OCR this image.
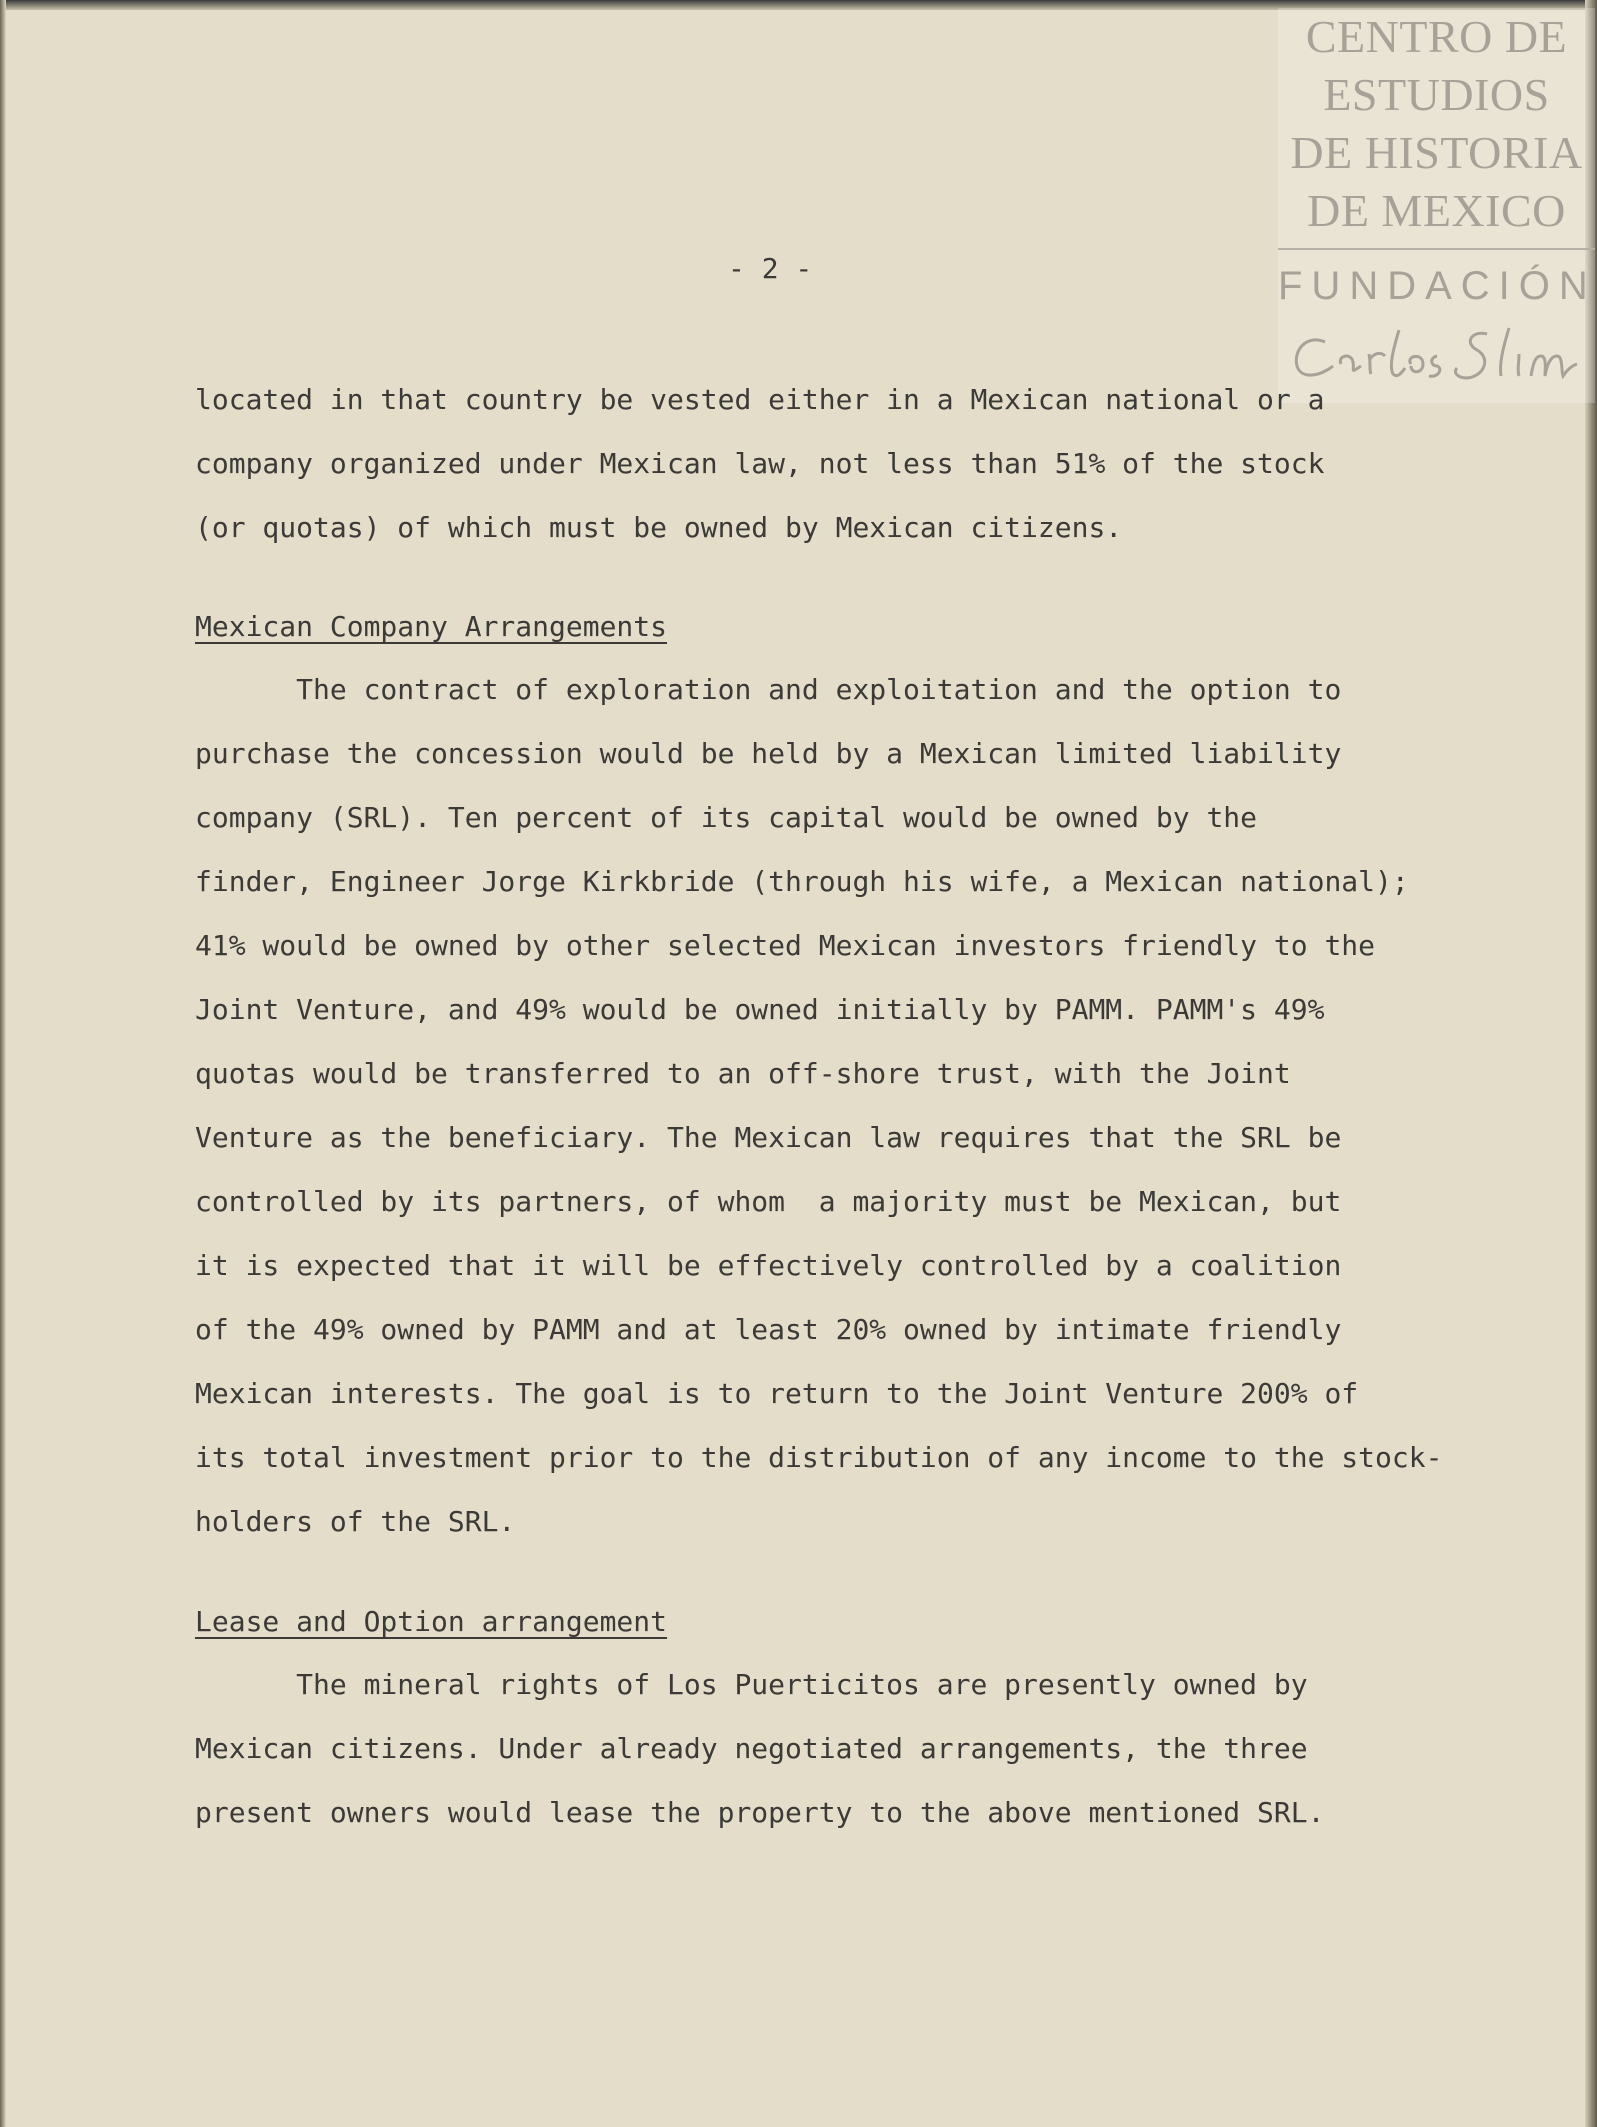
CENTRO DE
ESTUDIOS
DE HISTORIA
DE MEXICO
FUNDACIÓN
- 2 -
located in that country be vested either in a Mexican national or a
company organized under Mexican law, not less than 51% of the stock
(or quotas) of which must be owned by Mexican citizens.
Mexican Company Arrangements
The contract of exploration and exploitation and the option to
purchase the concession would be held by a Mexican limited liability
company (SRL). Ten percent of its capital would be owned by the
finder, Engineer Jorge Kirkbride (through his wife, a Mexican national);
41% would be owned by other selected Mexican investors friendly to the
Joint Venture, and 49% would be owned initially by PAMM. PAMM's 49%
quotas would be transferred to an off-shore trust, with the Joint
Venture as the beneficiary. The Mexican law requires that the SRL be
controlled by its partners, of whom  a majority must be Mexican, but
it is expected that it will be effectively controlled by a coalition
of the 49% owned by PAMM and at least 20% owned by intimate friendly
Mexican interests. The goal is to return to the Joint Venture 200% of
its total investment prior to the distribution of any income to the stock-
holders of the SRL.
Lease and Option arrangement
The mineral rights of Los Puerticitos are presently owned by
Mexican citizens. Under already negotiated arrangements, the three
present owners would lease the property to the above mentioned SRL.
